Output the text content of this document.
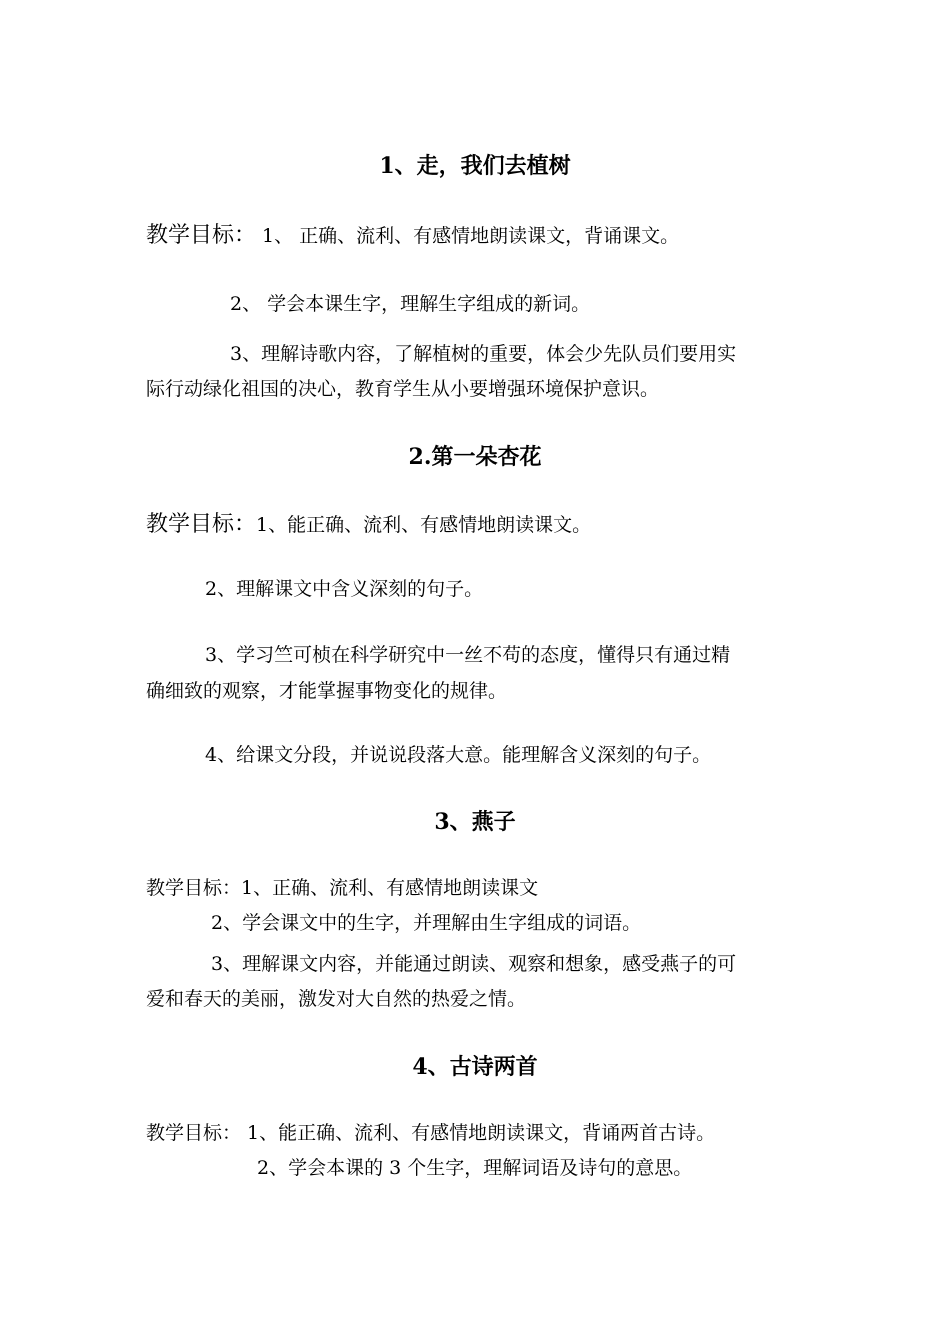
1、走，我们去植树
教学目标： 1、 正确、流利、有感情地朗读课文，背诵课文。
2、 学会本课生字，理解生字组成的新词。
3、理解诗歌内容，了解植树的重要，体会少先队员们要用实
际行动绿化祖国的决心，教育学生从小要增强环境保护意识。
2.第一朵杏花
教学目标：1、能正确、流利、有感情地朗读课文。
2、理解课文中含义深刻的句子。
3、学习竺可桢在科学研究中一丝不苟的态度，懂得只有通过精
确细致的观察，才能掌握事物变化的规律。
4、给课文分段，并说说段落大意。能理解含义深刻的句子。
3、燕子
教学目标：1、正确、流利、有感情地朗读课文
2、学会课文中的生字，并理解由生字组成的词语。
3、理解课文内容，并能通过朗读、观察和想象，感受燕子的可
爱和春天的美丽，激发对大自然的热爱之情。
4、古诗两首
教学目标： 1、能正确、流利、有感情地朗读课文，背诵两首古诗。
2、学会本课的 3 个生字，理解词语及诗句的意思。
